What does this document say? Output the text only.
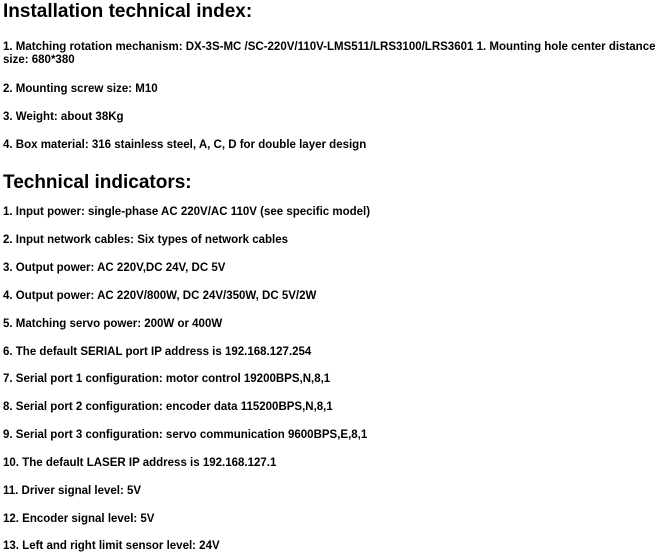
Installation technical index:

1. Matching rotation mechanism: DX-3S-MC /SC-220V/110V-LMS511/LRS3100/LRS3601 1. Mounting hole center distance size: 680*380

2. Mounting screw size: M10

3. Weight: about 38Kg

4. Box material: 316 stainless steel, A, C, D for double layer design

Technical indicators:

1. Input power: single-phase AC 220V/AC 110V (see specific model)

2. Input network cables: Six types of network cables

3. Output power: AC 220V,DC 24V, DC 5V

4. Output power: AC 220V/800W, DC 24V/350W, DC 5V/2W

5. Matching servo power: 200W or 400W

6. The default SERIAL port IP address is 192.168.127.254

7. Serial port 1 configuration: motor control 19200BPS,N,8,1

8. Serial port 2 configuration: encoder data 115200BPS,N,8,1

9. Serial port 3 configuration: servo communication 9600BPS,E,8,1

10. The default LASER IP address is 192.168.127.1

11. Driver signal level: 5V

12. Encoder signal level: 5V

13. Left and right limit sensor level: 24V
